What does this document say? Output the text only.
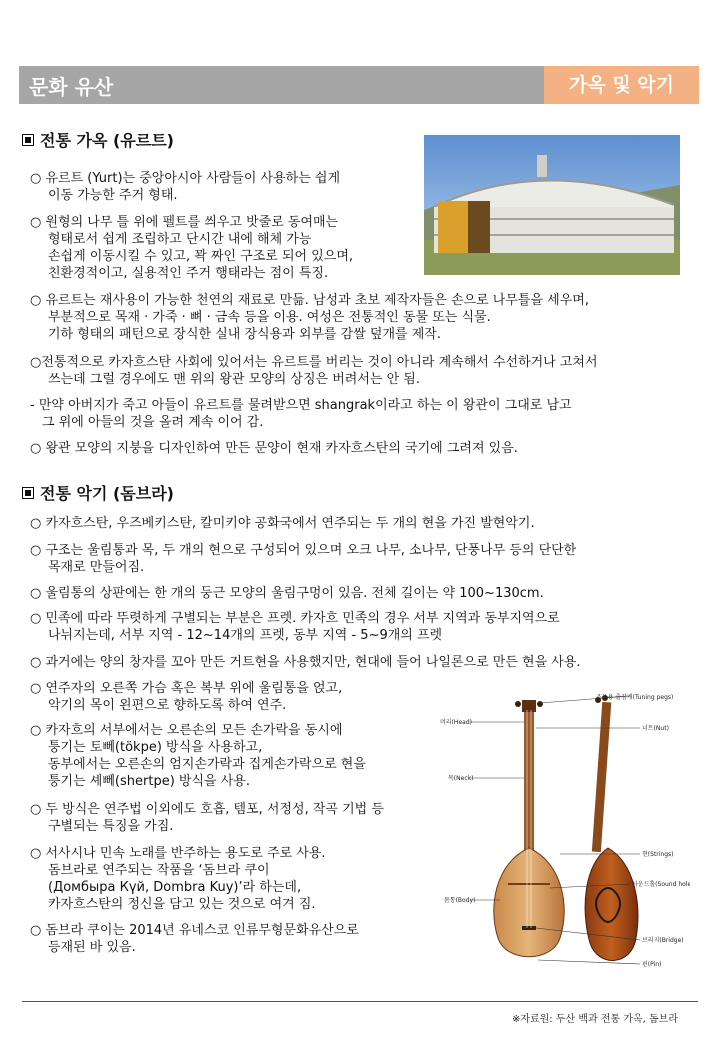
문화 유산	가옥 및 악기
전통 가옥 (유르트)
○ 유르트 (Yurt)는 중앙아시아 사람들이 사용하는 쉽게
이동 가능한 주거 형태.
○ 원형의 나무 틀 위에 펠트를 씌우고 밧줄로 동여매는
형태로서 쉽게 조립하고 단시간 내에 해체 가능
손쉽게 이동시킬 수 있고, 꽉 짜인 구조로 되어 있으며,
친환경적이고, 실용적인 주거 행태라는 점이 특징.
○ 유르트는 재사용이 가능한 천연의 재료로 만듦. 남성과 초보 제작자들은 손으로 나무틀을 세우며,
부분적으로 목재 · 가죽 · 뼈 · 금속 등을 이용. 여성은 전통적인 동물 또는 식물.
기하 형태의 패턴으로 장식한 실내 장식용과 외부를 감쌀 덮개를 제작.
○전통적으로 카자흐스탄 사회에 있어서는 유르트를 버리는 것이 아니라 계속해서 수선하거나 고쳐서
쓰는데 그럴 경우에도 맨 위의 왕관 모양의 상징은 버려서는 안 됨.
- 만약 아버지가 죽고 아들이 유르트를 물려받으면 shangrak이라고 하는 이 왕관이 그대로 남고
그 위에 아들의 것을 올려 계속 이어 감.
○ 왕관 모양의 지붕을 디자인하여 만든 문양이 현재 카자흐스탄의 국기에 그려져 있음.
전통 악기 (돔브라)
○ 카자흐스탄, 우즈베키스탄, 칼미키야 공화국에서 연주되는 두 개의 현을 가진 발현악기.
○ 구조는 울림통과 목, 두 개의 현으로 구성되어 있으며 오크 나무, 소나무, 단풍나무 등의 단단한
목재로 만들어짐.
○ 울림통의 상판에는 한 개의 둥근 모양의 울림구멍이 있음. 전체 길이는 약 100~130cm.
○ 민족에 따라 뚜렷하게 구별되는 부분은 프렛. 카자흐 민족의 경우 서부 지역과 동부지역으로
나뉘지는데, 서부 지역 - 12~14개의 프렛, 동부 지역 - 5~9개의 프렛
○ 과거에는 양의 창자를 꼬아 만든 거트현을 사용했지만, 현대에 들어 나일론으로 만든 현을 사용.
○ 연주자의 오른쪽 가슴 혹은 복부 위에 울림통을 얹고,
악기의 목이 왼편으로 향하도록 하여 연주.
○ 카자흐의 서부에서는 오른손의 모든 손가락을 동시에
퉁기는 토뻬(tökpe) 방식을 사용하고,
동부에서는 오른손의 엄지손가락과 집게손가락으로 현을
퉁기는 셰뻬(shertpe) 방식을 사용.
○ 두 방식은 연주법 이외에도 호흡, 템포, 서정성, 작곡 기법 등
구별되는 특징을 가짐.
○ 서사시나 민속 노래를 반주하는 용도로 주로 사용.
돔브라로 연주되는 작품을 ‘돔브라 쿠이
(Домбыра Күй, Dombra Kuy)’라 하는데,
카자흐스탄의 정신을 담고 있는 것으로 여겨 짐.
○ 돔브라 쿠이는 2014년 유네스코 인류무형문화유산으로
등재된 바 있음.
조율용 줄감개(Tuning pegs)
머리(Head)
너트(Nut)
목(Neck)
현(Strings)
사운드홀(Sound hole)
몸통(Body)
브리지(Bridge)
핀(Pin)
※자료원: 두산 백과 전통 가옥, 돔브라
